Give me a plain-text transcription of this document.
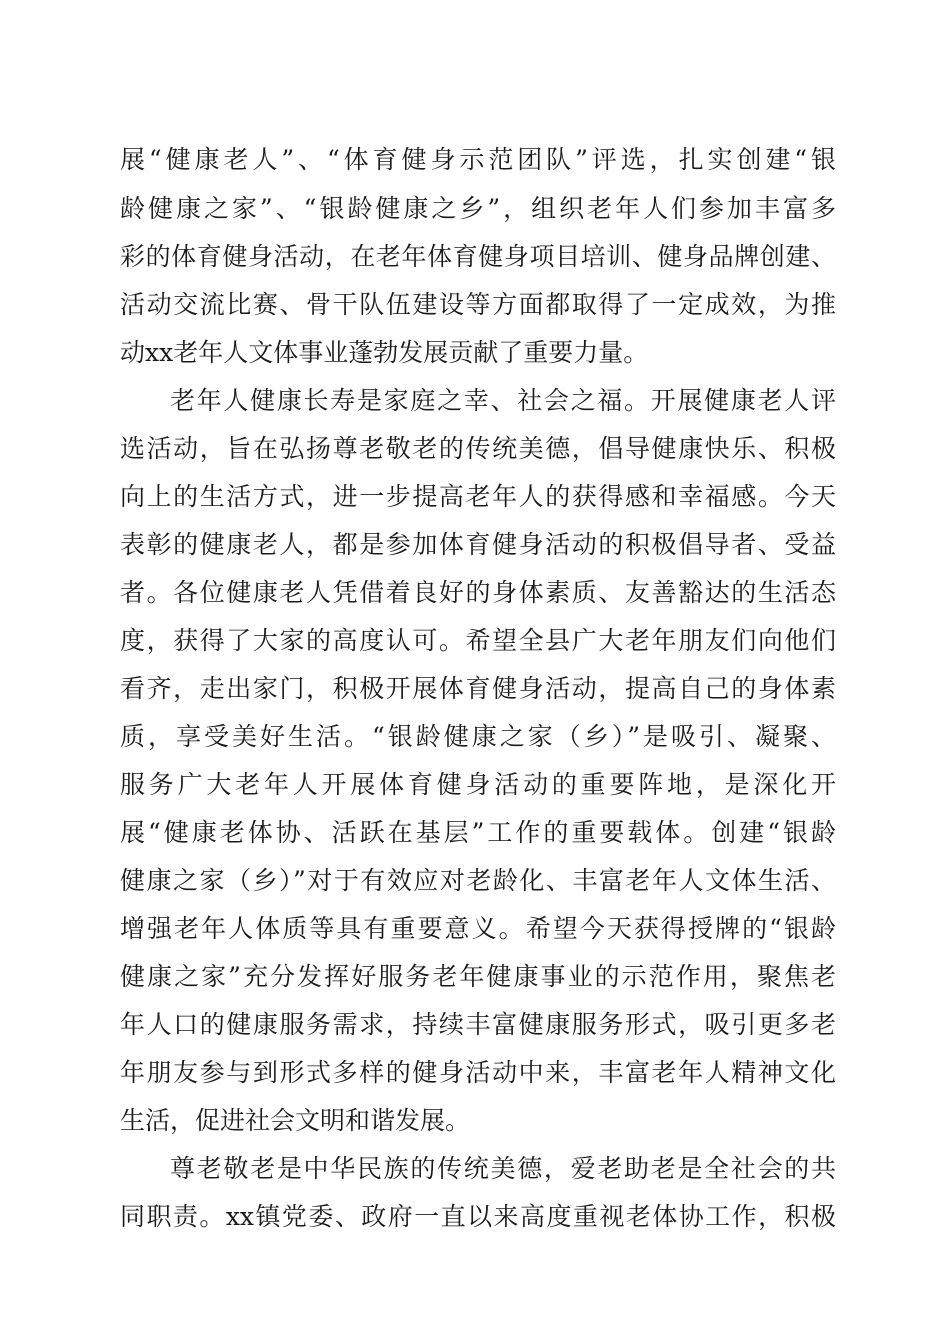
展“健康老人”、“体育健身示范团队”评选，扎实创建“银
龄健康之家”、“银龄健康之乡”，组织老年人们参加丰富多
彩的体育健身活动，在老年体育健身项目培训、健身品牌创建、
活动交流比赛、骨干队伍建设等方面都取得了一定成效，为推
动xx老年人文体事业蓬勃发展贡献了重要力量。
老年人健康长寿是家庭之幸、社会之福。开展健康老人评
选活动，旨在弘扬尊老敬老的传统美德，倡导健康快乐、积极
向上的生活方式，进一步提高老年人的获得感和幸福感。今天
表彰的健康老人，都是参加体育健身活动的积极倡导者、受益
者。各位健康老人凭借着良好的身体素质、友善豁达的生活态
度，获得了大家的高度认可。希望全县广大老年朋友们向他们
看齐，走出家门，积极开展体育健身活动，提高自己的身体素
质，享受美好生活。“银龄健康之家（乡）”是吸引、凝聚、
服务广大老年人开展体育健身活动的重要阵地，是深化开
展“健康老体协、活跃在基层”工作的重要载体。创建“银龄
健康之家（乡）”对于有效应对老龄化、丰富老年人文体生活、
增强老年人体质等具有重要意义。希望今天获得授牌的“银龄
健康之家”充分发挥好服务老年健康事业的示范作用，聚焦老
年人口的健康服务需求，持续丰富健康服务形式，吸引更多老
年朋友参与到形式多样的健身活动中来，丰富老年人精神文化
生活，促进社会文明和谐发展。
尊老敬老是中华民族的传统美德，爱老助老是全社会的共
同职责。xx镇党委、政府一直以来高度重视老体协工作，积极
